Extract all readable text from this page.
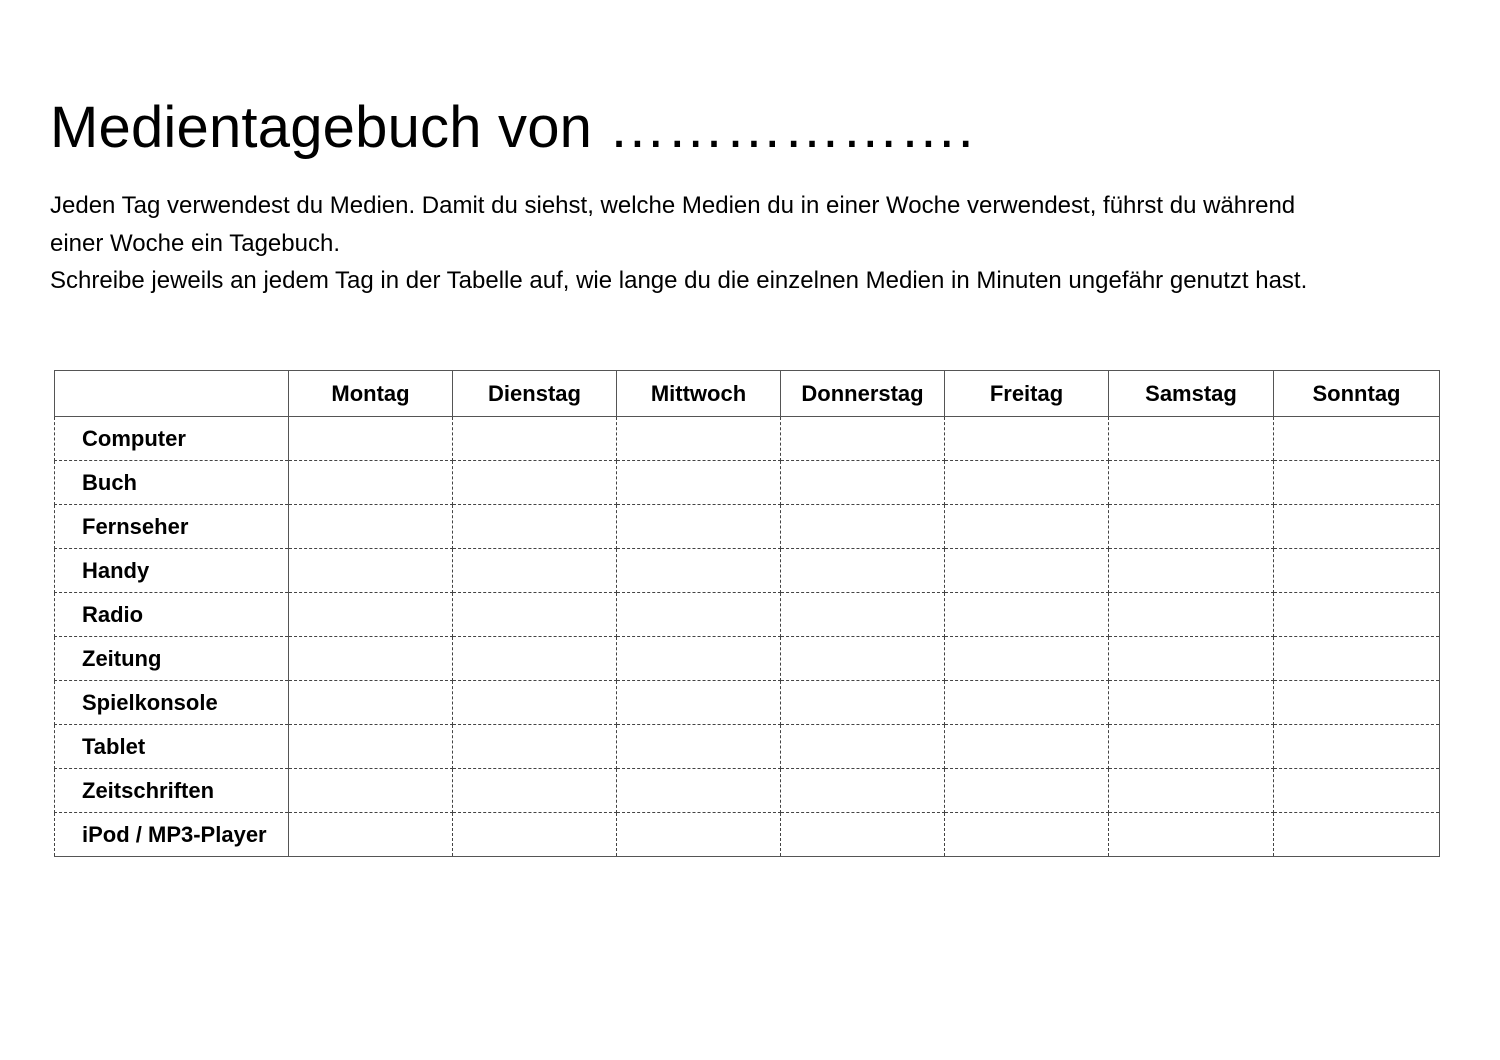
Medientagebuch von ……………….

Jeden Tag verwendest du Medien. Damit du siehst, welche Medien du in einer Woche verwendest, führst du während

einer Woche ein Tagebuch.

Schreibe jeweils an jedem Tag in der Tabelle auf, wie lange du die einzelnen Medien in Minuten ungefähr genutzt hast.

	Montag	Dienstag	Mittwoch	Donnerstag	Freitag	Samstag	Sonntag
Computer							
Buch							
Fernseher							
Handy							
Radio							
Zeitung							
Spielkonsole							
Tablet							
Zeitschriften							
iPod / MP3-Player							
